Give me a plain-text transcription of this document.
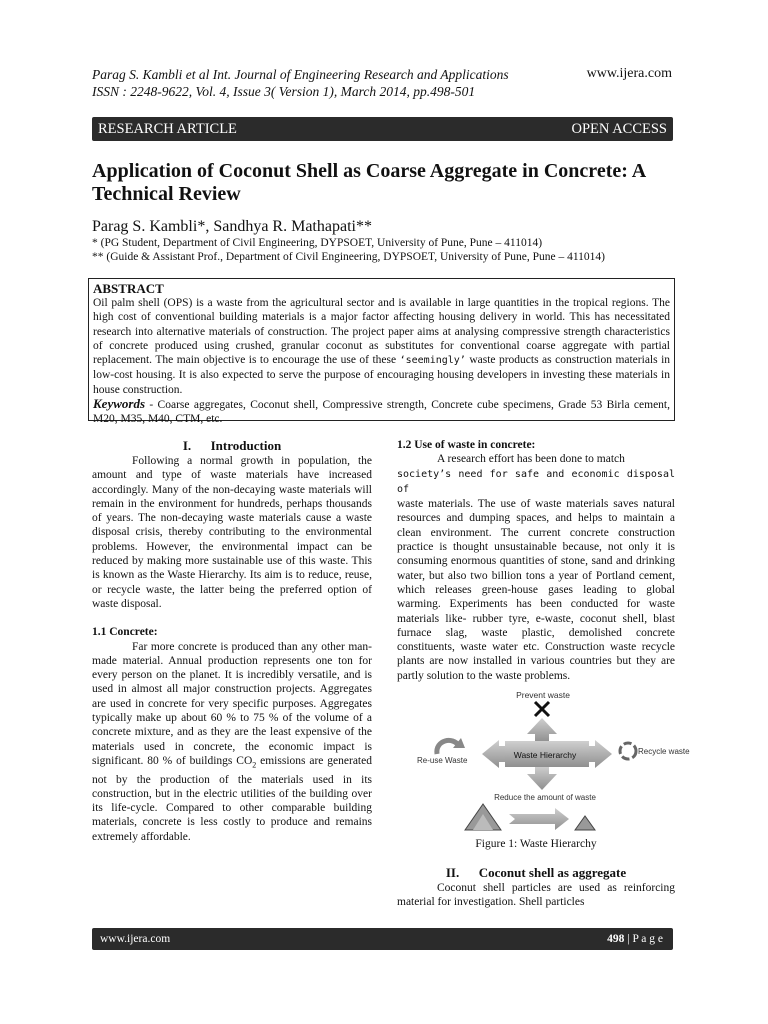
Parag S. Kambli et al Int. Journal of Engineering Research and Applications
ISSN : 2248-9622, Vol. 4, Issue 3( Version 1), March 2014, pp.498-501
www.ijera.com
RESEARCH ARTICLE	OPEN ACCESS
Application of Coconut Shell as Coarse Aggregate in Concrete: A Technical Review
Parag S. Kambli*, Sandhya R. Mathapati**
* (PG Student, Department of Civil Engineering, DYPSOET, University of Pune, Pune – 411014)
** (Guide & Assistant Prof., Department of Civil Engineering, DYPSOET, University of Pune, Pune – 411014)
ABSTRACT

Oil palm shell (OPS) is a waste from the agricultural sector and is available in large quantities in the tropical regions. The high cost of conventional building materials is a major factor affecting housing delivery in world. This has necessitated research into alternative materials of construction. The project paper aims at analysing compressive strength characteristics of concrete produced using crushed, granular coconut as substitutes for conventional coarse aggregate with partial replacement. The main objective is to encourage the use of these ‘seemingly’ waste products as construction materials in low-cost housing. It is also expected to serve the purpose of encouraging housing developers in investing these materials in house construction.

Keywords - Coarse aggregates, Coconut shell, Compressive strength, Concrete cube specimens, Grade 53 Birla cement, M20, M35, M40, CTM, etc.

I. Introduction

Following a normal growth in population, the amount and type of waste materials have increased accordingly. Many of the non-decaying waste materials will remain in the environment for hundreds, perhaps thousands of years. The non-decaying waste materials cause a waste disposal crisis, thereby contributing to the environmental problems. However, the environmental impact can be reduced by making more sustainable use of this waste. This is known as the Waste Hierarchy. Its aim is to reduce, reuse, or recycle waste, the latter being the preferred option of waste disposal.

1.1 Concrete:

Far more concrete is produced than any other man-made material. Annual production represents one ton for every person on the planet. It is incredibly versatile, and is used in almost all major construction projects. Aggregates are used in concrete for very specific purposes. Aggregates typically make up about 60 % to 75 % of the volume of a concrete mixture, and as they are the least expensive of the materials used in concrete, the economic impact is significant. 80 % of buildings $CO_2$ emissions are generated not by the production of the materials used in its construction, but in the electric utilities of the building over its life-cycle. Compared to other comparable building materials, concrete is less costly to produce and remains extremely affordable.

1.2 Use of waste in concrete:

A research effort has been done to match

society’s need for safe and economic disposal of

waste materials. The use of waste materials saves natural resources and dumping spaces, and helps to maintain a clean environment. The current concrete construction practice is thought unsustainable because, not only it is consuming enormous quantities of stone, sand and drinking water, but also two billion tons a year of Portland cement, which releases green-house gases leading to global warming. Experiments has been conducted for waste materials like- rubber tyre, e-waste, coconut shell, blast furnace slag, waste plastic, demolished concrete constituents, waste water etc. Construction waste recycle plants are now installed in various countries but they are partly solution to the waste problems.

Prevent waste
Waste Hierarchy
Re-use Waste
Recycle waste
Reduce the amount of waste
Figure 1: Waste Hierarchy
II. Coconut shell as aggregate

Coconut shell particles are used as reinforcing material for investigation. Shell particles

www.ijera.com	498 | P a g e
